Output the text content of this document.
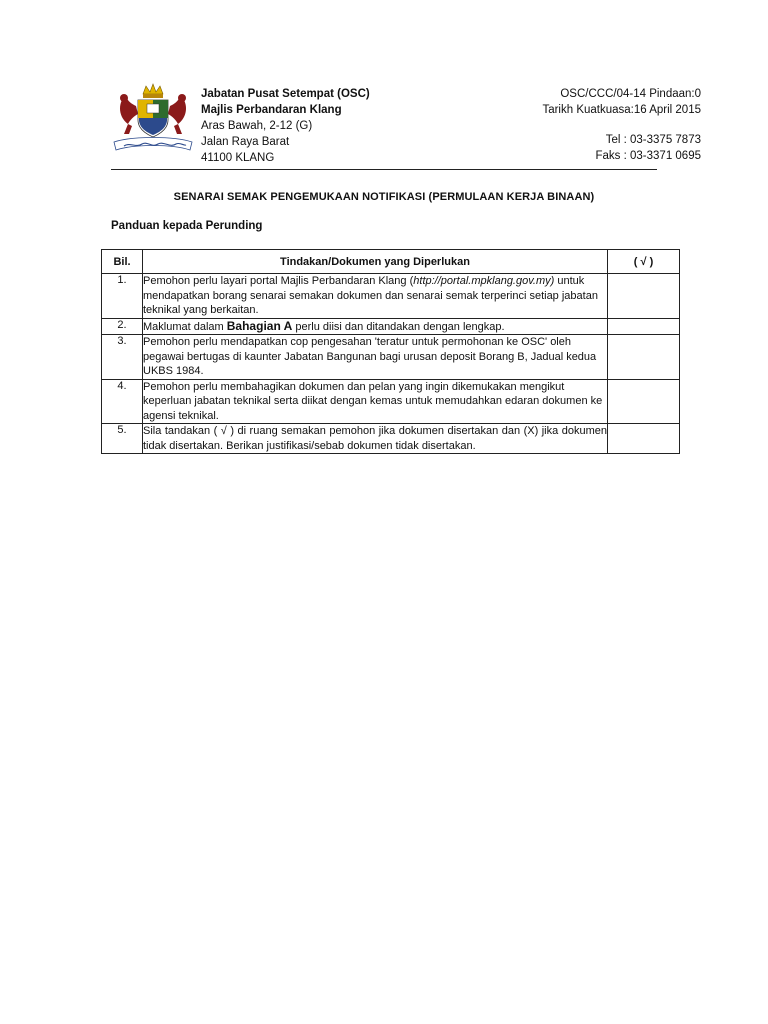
Jabatan Pusat Setempat (OSC)
Majlis Perbandaran Klang
Aras Bawah, 2-12 (G)
Jalan Raya Barat
41100 KLANG
OSC/CCC/04-14 Pindaan:0
Tarikh Kuatkuasa:16 April 2015
Tel : 03-3375 7873
Faks : 03-3371 0695
SENARAI SEMAK PENGEMUKAAN NOTIFIKASI (PERMULAAN KERJA BINAAN)
Panduan kepada Perunding
Bil.	Tindakan/Dokumen yang Diperlukan	( √ )
1.	Pemohon perlu layari portal Majlis Perbandaran Klang (http://portal.mpklang.gov.my) untuk mendapatkan borang senarai semakan dokumen dan senarai semak terperinci setiap jabatan teknikal yang berkaitan.	
2.	Maklumat dalam Bahagian A perlu diisi dan ditandakan dengan lengkap.	
3.	Pemohon perlu mendapatkan cop pengesahan 'teratur untuk permohonan ke OSC' oleh pegawai bertugas di kaunter Jabatan Bangunan bagi urusan deposit Borang B, Jadual kedua UKBS 1984.	
4.	Pemohon perlu membahagikan dokumen dan pelan yang ingin dikemukakan mengikut keperluan jabatan teknikal serta diikat dengan kemas untuk memudahkan edaran dokumen ke agensi teknikal.	
5.	Sila tandakan ( √ ) di ruang semakan pemohon jika dokumen disertakan dan (X) jika dokumen tidak disertakan. Berikan justifikasi/sebab dokumen tidak disertakan.	
